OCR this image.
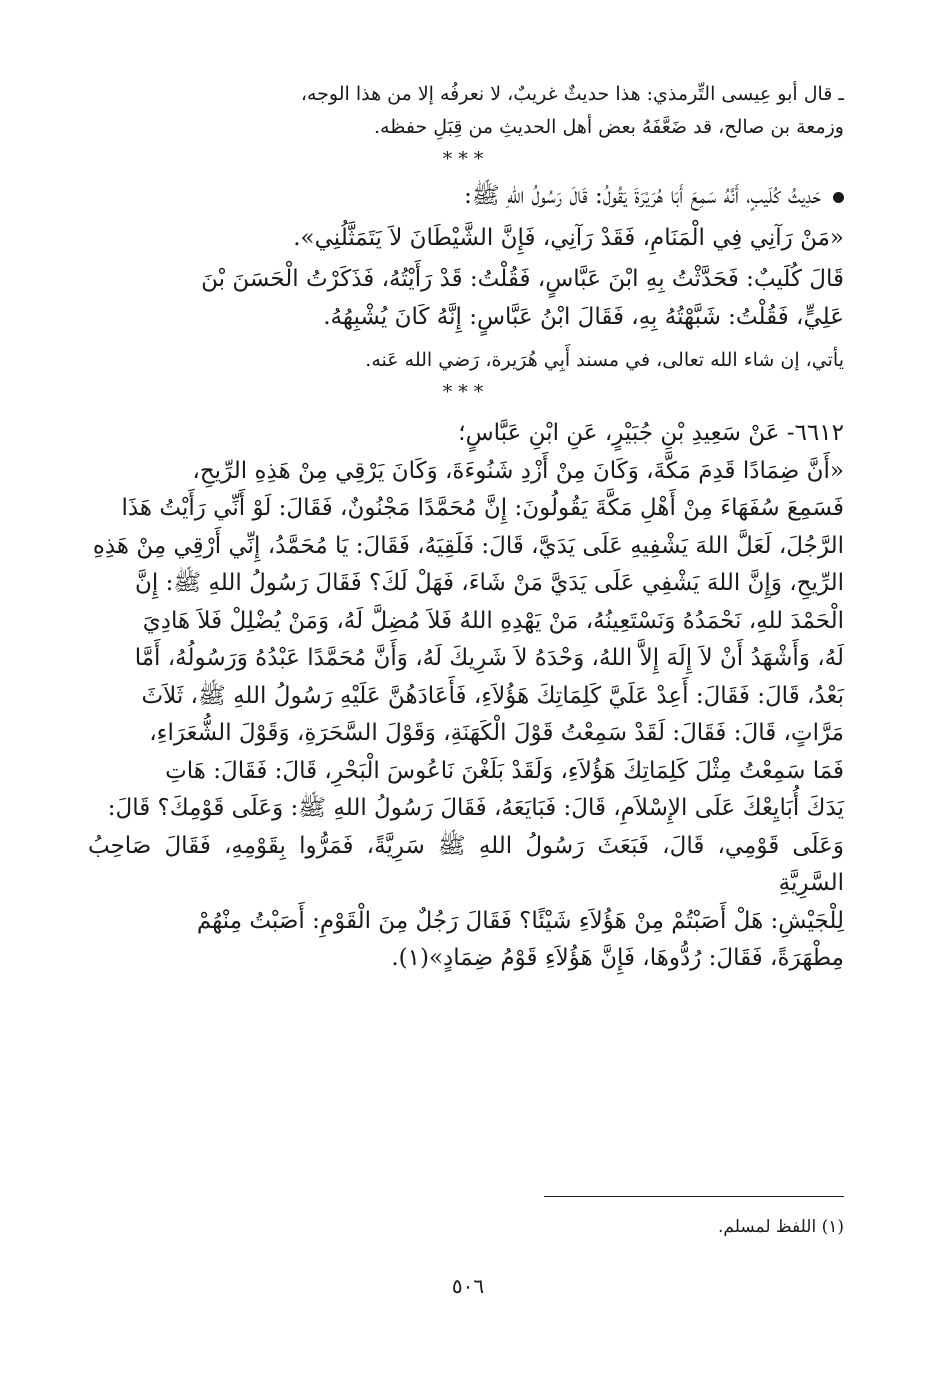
ـ قال أبو عِيسى التِّرمذي: هذا حديثٌ غريبٌ، لا نعرفُه إلا من هذا الوجه،

وزمعة بن صالح، قد ضَعَّفَهُ بعض أهل الحديثِ من قِبَلِ حفظه.

***

حَدِيثُ كُلَيبٍ، أَنَّهُ سَمِعَ أَبَا هُرَيْرَةَ يَقُولُ: قَالَ رَسُولُ اللهِ ﷺ:

«مَنْ رَآنِي فِي الْمَنَامِ، فَقَدْ رَآنِي، فَإِنَّ الشَّيْطَانَ لاَ يَتَمَثَّلُنِي».

قَالَ كُلَيبٌ: فَحَدَّثْتُ بِهِ ابْنَ عَبَّاسٍ، فَقُلْتُ: قَدْ رَأَيْتُهُ، فَذَكَرْتُ الْحَسَنَ بْنَ

عَلِيٍّ، فَقُلْتُ: شَبَّهْتُهُ بِهِ، فَقَالَ ابْنُ عَبَّاسٍ: إِنَّهُ كَانَ يُشْبِهُهُ.

يأتي، إن شاء الله تعالى، في مسند أَبِي هُرَيرة، رَضي الله عَنه.

***

٦٦١٢- عَنْ سَعِيدِ بْنِ جُبَيْرٍ، عَنِ ابْنِ عَبَّاسٍ؛

«أَنَّ ضِمَادًا قَدِمَ مَكَّةَ، وَكَانَ مِنْ أَزْدِ شَنُوءَةَ، وَكَانَ يَرْقِي مِنْ هَذِهِ الرِّيحِ،

فَسَمِعَ سُفَهَاءَ مِنْ أَهْلِ مَكَّةَ يَقُولُونَ: إِنَّ مُحَمَّدًا مَجْنُونٌ، فَقَالَ: لَوْ أَنِّي رَأَيْتُ هَذَا

الرَّجُلَ، لَعَلَّ اللهَ يَشْفِيهِ عَلَى يَدَيَّ، قَالَ: فَلَقِيَهُ، فَقَالَ: يَا مُحَمَّدُ، إِنِّي أَرْقِي مِنْ هَذِهِ

الرِّيحِ، وَإِنَّ اللهَ يَشْفِي عَلَى يَدَيَّ مَنْ شَاءَ، فَهَلْ لَكَ؟ فَقَالَ رَسُولُ اللهِ ﷺ: إِنَّ

الْحَمْدَ للهِ، نَحْمَدُهُ وَنَسْتَعِينُهُ، مَنْ يَهْدِهِ اللهُ فَلاَ مُضِلَّ لَهُ، وَمَنْ يُضْلِلْ فَلاَ هَادِيَ

لَهُ، وَأَشْهَدُ أَنْ لاَ إِلَهَ إِلاَّ اللهُ، وَحْدَهُ لاَ شَرِيكَ لَهُ، وَأَنَّ مُحَمَّدًا عَبْدُهُ وَرَسُولُهُ، أَمَّا

بَعْدُ، قَالَ: فَقَالَ: أَعِدْ عَلَيَّ كَلِمَاتِكَ هَؤُلاَءِ، فَأَعَادَهُنَّ عَلَيْهِ رَسُولُ اللهِ ﷺ، ثَلاَثَ

مَرَّاتٍ، قَالَ: فَقَالَ: لَقَدْ سَمِعْتُ قَوْلَ الْكَهَنَةِ، وَقَوْلَ السَّحَرَةِ، وَقَوْلَ الشُّعَرَاءِ،

فَمَا سَمِعْتُ مِثْلَ كَلِمَاتِكَ هَؤُلاَءِ، وَلَقَدْ بَلَغْنَ نَاعُوسَ الْبَحْرِ، قَالَ: فَقَالَ: هَاتِ

يَدَكَ أُبَايِعْكَ عَلَى الإِسْلاَمِ، قَالَ: فَبَايَعَهُ، فَقَالَ رَسُولُ اللهِ ﷺ: وَعَلَى قَوْمِكَ؟ قَالَ:

وَعَلَى قَوْمِي، قَالَ، فَبَعَثَ رَسُولُ اللهِ ﷺ سَرِيَّةً، فَمَرُّوا بِقَوْمِهِ، فَقَالَ صَاحِبُ السَّرِيَّةِ

لِلْجَيْشِ: هَلْ أَصَبْتُمْ مِنْ هَؤُلاَءِ شَيْئًا؟ فَقَالَ رَجُلٌ مِنَ الْقَوْمِ: أَصَبْتُ مِنْهُمْ

مِطْهَرَةً، فَقَالَ: رُدُّوهَا، فَإِنَّ هَؤُلاَءِ قَوْمُ ضِمَادٍ»(١).

(١) اللفظ لمسلم.
٥٠٦
